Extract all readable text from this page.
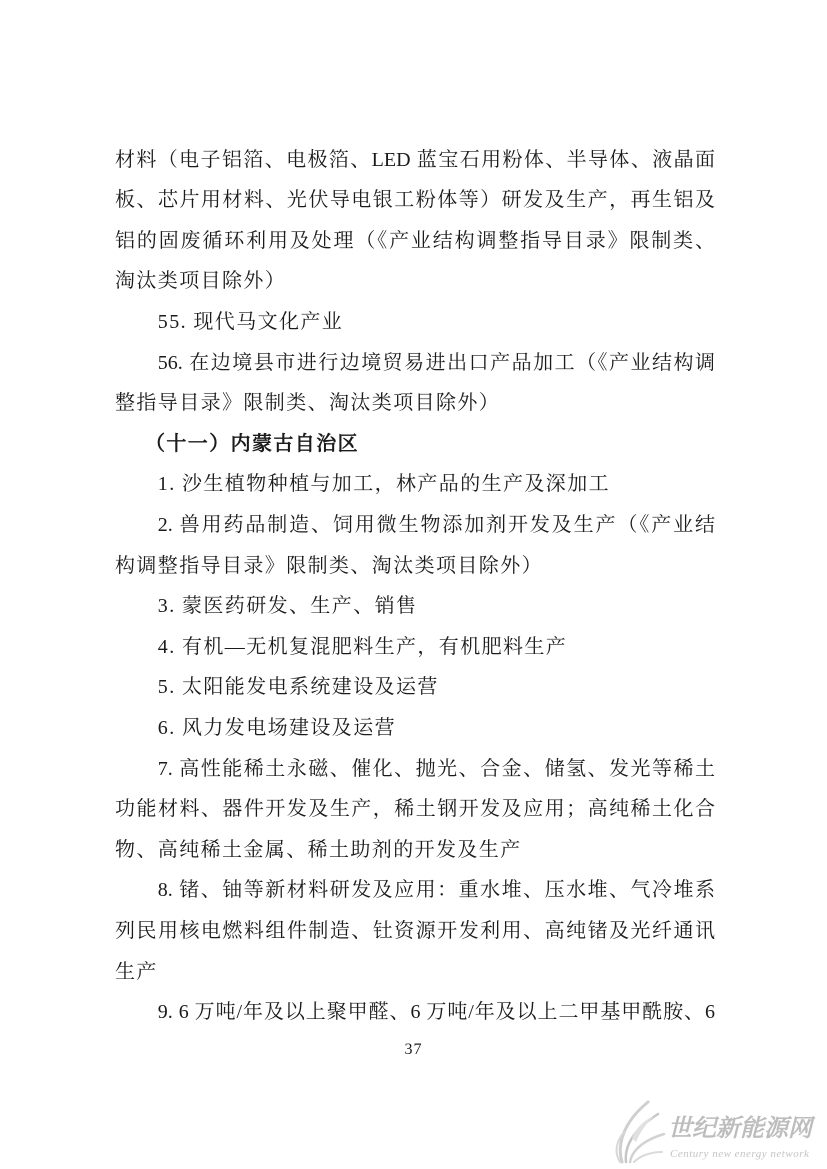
材料（电子铝箔、电极箔、LED 蓝宝石用粉体、半导体、液晶面
板、芯片用材料、光伏导电银工粉体等）研发及生产，再生铝及
铝的固废循环利用及处理（《产业结构调整指导目录》限制类、
淘汰类项目除外）
55. 现代马文化产业
56. 在边境县市进行边境贸易进出口产品加工（《产业结构调
整指导目录》限制类、淘汰类项目除外）
（十一）内蒙古自治区
1. 沙生植物种植与加工，林产品的生产及深加工
2. 兽用药品制造、饲用微生物添加剂开发及生产（《产业结
构调整指导目录》限制类、淘汰类项目除外）
3. 蒙医药研发、生产、销售
4. 有机—无机复混肥料生产，有机肥料生产
5. 太阳能发电系统建设及运营
6. 风力发电场建设及运营
7. 高性能稀土永磁、催化、抛光、合金、储氢、发光等稀土
功能材料、器件开发及生产，稀土钢开发及应用；高纯稀土化合
物、高纯稀土金属、稀土助剂的开发及生产
8. 锗、铀等新材料研发及应用：重水堆、压水堆、气冷堆系
列民用核电燃料组件制造、钍资源开发利用、高纯锗及光纤通讯
生产
9. 6 万吨/年及以上聚甲醛、6 万吨/年及以上二甲基甲酰胺、6
37
世纪新能源网
Century new energy network
